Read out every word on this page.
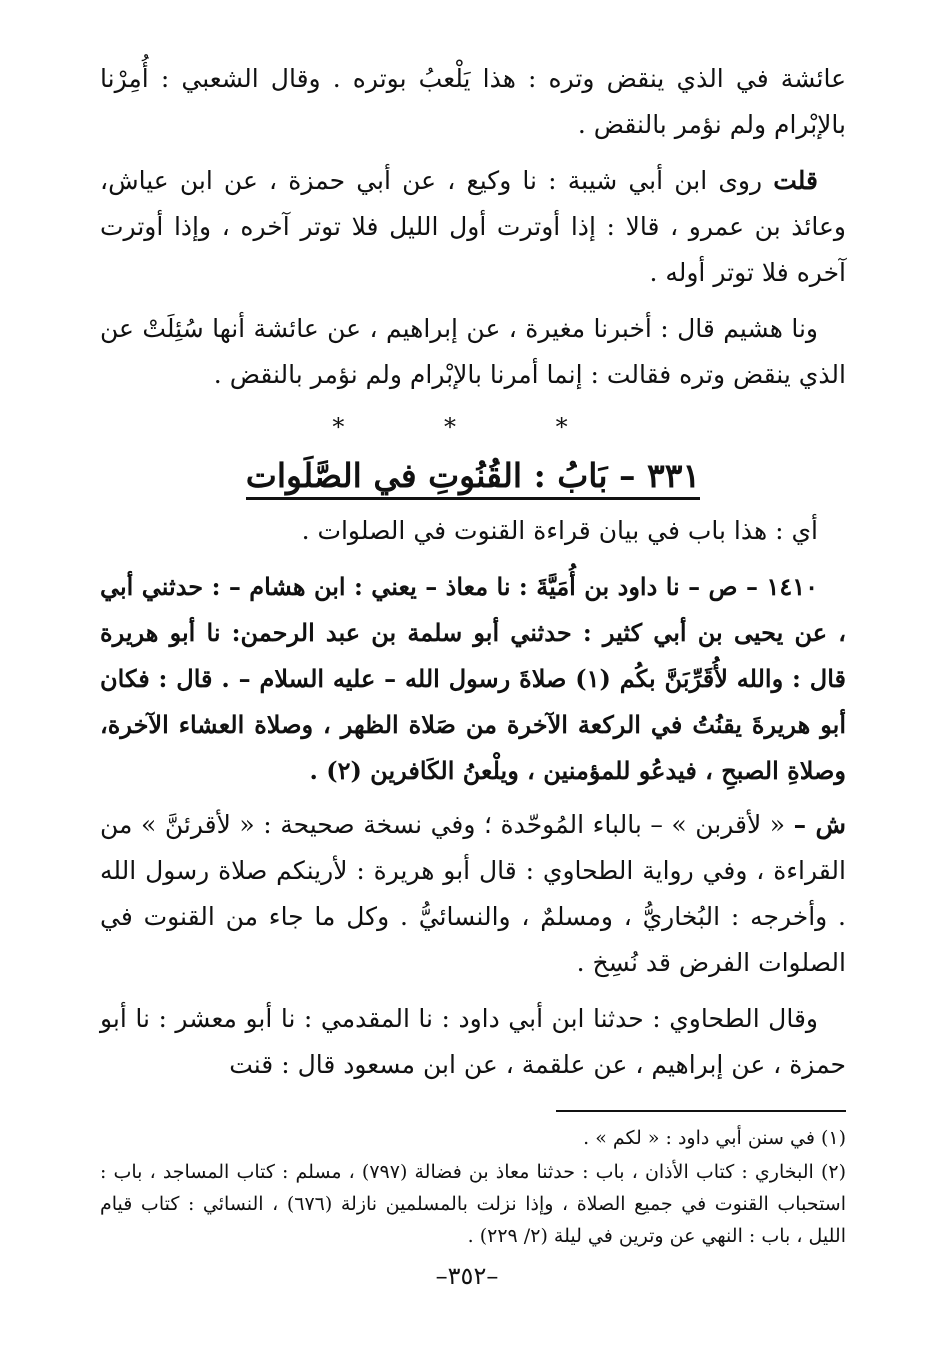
عائشة في الذي ينقض وتره : هذا يَلْعبُ بوتره . وقال الشعبي : أُمِرْنا بالإبْرام ولم نؤمر بالنقض .

قلت روى ابن أبي شيبة : نا وكيع ، عن أبي حمزة ، عن ابن عياش، وعائذ بن عمرو ، قالا : إذا أوترت أول الليل فلا توتر آخره ، وإذا أوترت آخره فلا توتر أوله .

ونا هشيم قال : أخبرنا مغيرة ، عن إبراهيم ، عن عائشة أنها سُئِلَتْ عن الذي ينقض وتره فقالت : إنما أمرنا بالإبْرام ولم نؤمر بالنقض .

* * *
٣٣١ – بَابُ : القُنُوتِ في الصَّلَوات

أي : هذا باب في بيان قراءة القنوت في الصلوات .

١٤١٠ – ص – نا داود بن أُمَيَّةَ : نا معاذ – يعني : ابن هشام – : حدثني أبي ، عن يحيى بن أبي كثير : حدثني أبو سلمة بن عبد الرحمن: نا أبو هريرة قال : والله لأُقَرِّبَنَّ بكُم (١) صلاةَ رسول الله – عليه السلام – . قال : فكان أبو هريرةَ يقنُتُ في الركعة الآخرة من صَلاة الظهر ، وصلاة العشاء الآخرة، وصلاةِ الصبحِ ، فيدعُو للمؤمنين ، ويلْعنُ الكَافرين (٢) .

ش – « لأقربن » – بالباء المُوحّدة ؛ وفي نسخة صحيحة : « لأقرئنَّ » من القراءة ، وفي رواية الطحاوي : قال أبو هريرة : لأرينكم صلاة رسول الله . وأخرجه : البُخاريُّ ، ومسلمٌ ، والنسائيُّ . وكل ما جاء من القنوت في الصلوات الفرض قد نُسِخ .

وقال الطحاوي : حدثنا ابن أبي داود : نا المقدمي : نا أبو معشر : نا أبو حمزة ، عن إبراهيم ، عن علقمة ، عن ابن مسعود قال : قنت

(١) في سنن أبي داود : « لكم » .

(٢) البخاري : كتاب الأذان ، باب : حدثنا معاذ بن فضالة (٧٩٧) ، مسلم : كتاب المساجد ، باب : استحباب القنوت في جميع الصلاة ، وإذا نزلت بالمسلمين نازلة (٦٧٦) ، النسائي : كتاب قيام الليل ، باب : النهي عن وترين في ليلة (٢/ ٢٢٩) .

–٣٥٢–
